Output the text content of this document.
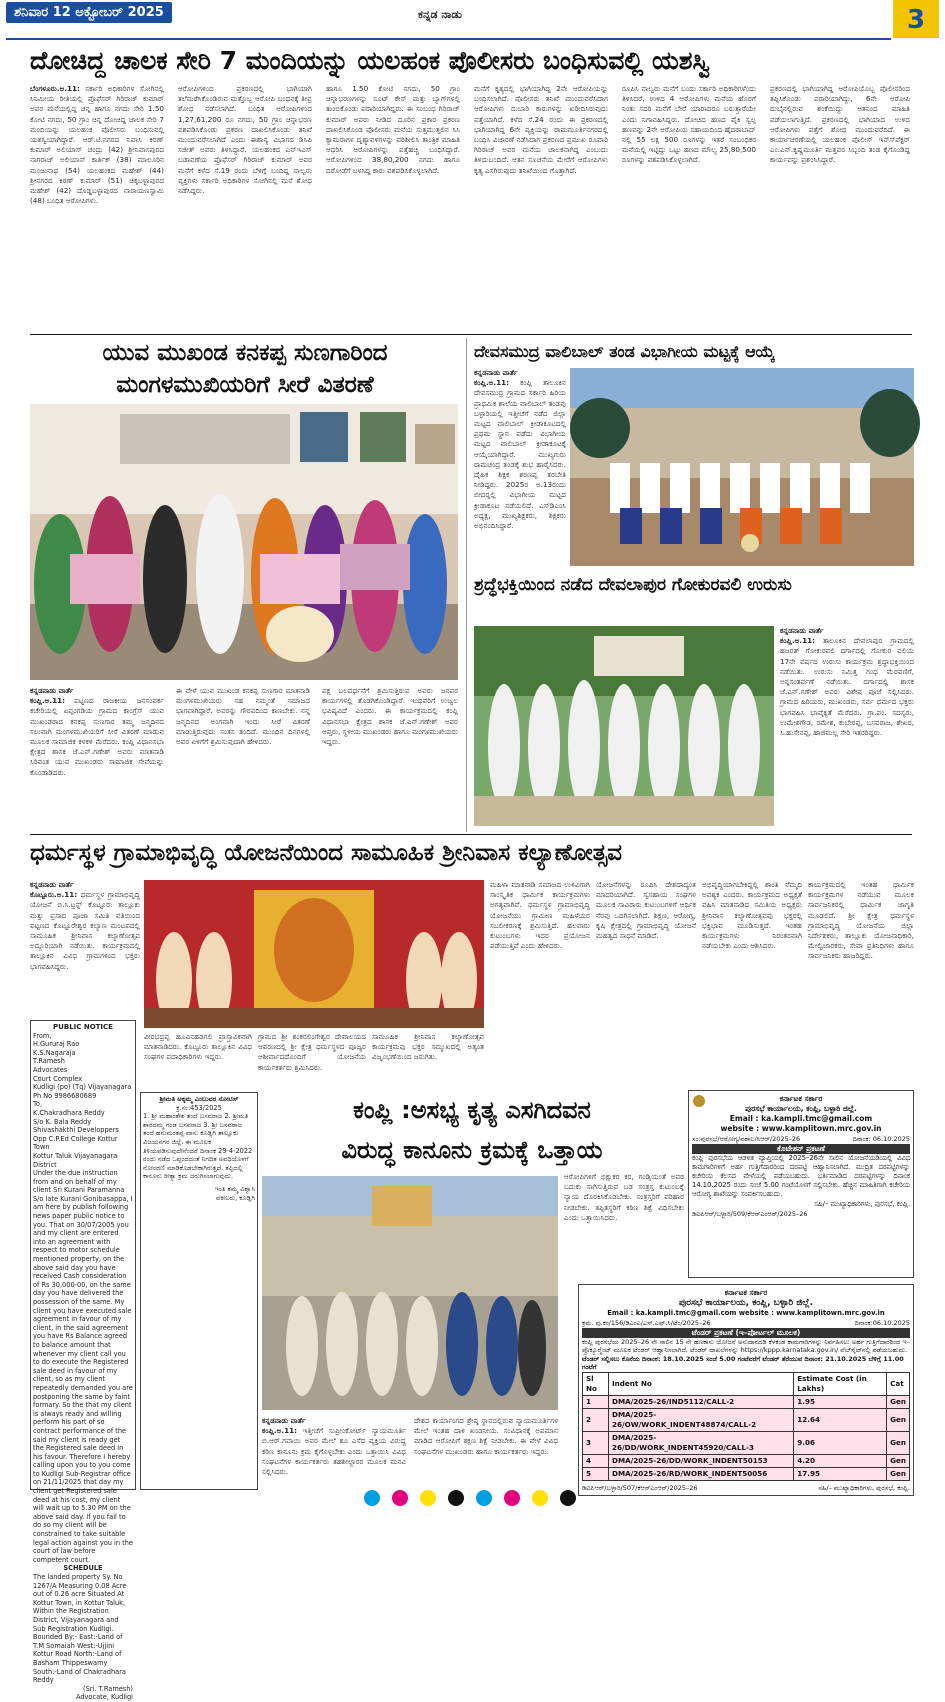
ಶನಿವಾರ 12 ಅಕ್ಟೋಬರ್ 2025	ಕನ್ನಡ ನಾಡು	3
ದೋಚಿದ್ದ ಚಾಲಕ ಸೇರಿ 7 ಮಂದಿಯನ್ನು ಯಲಹಂಕ ಪೊಲೀಸರು ಬಂಧಿಸುವಲ್ಲಿ ಯಶಸ್ವಿ
ಬೆಂಗಳೂರು.ಅ.11: ಸರ್ಕಾರಿ ಅಧಿಕಾರಿಗಳ ಸೋಗಿನಲ್ಲಿ ಸಿನಿಮೀಯ ರೀತಿಯಲ್ಲಿ ಪ್ರೊಫೆಸರ್ ಗಿರಿರಾಜ್ ಕುಮಾರ್ ಅವರ ಮನೆಯಲ್ಲಿದ್ದ ಚಿನ್ನ ಹಾಗೂ ನಗದು ಸೇರಿ 1.50 ಕೋಟಿ ನಗದು, 50 ಗ್ರಾಂ ಚಿನ್ನ ದೋಚಿದ್ದ ಚಾಲಕ ಸೇರಿ 7 ಮಂದಿಯನ್ನು ಯಲಹಂಕ ಪೊಲೀಸರು ಬಂಧಿಸುವಲ್ಲಿ ಯಶಸ್ವಿಯಾಗಿದ್ದಾರೆ. ಆರ್.ಟಿ.ನಗರದ ನಿವಾಸಿ ಕಿರಣ್ ಕುಮಾರ್ ಅಲಿಯಾಸ್ ಚಂದ್ರು (42) ಶ್ರೀನಿವಾಸಪುರದ ನಾಗರಾಜ್ ಅಲಿಯಾಸ್ ಕಾರ್ತಿಕ್ (38) ಮಾಲೂರಿನ ಮಂಜುನಾಥ (54) ಯಲಹಂಕದ ಮಹೇಶ್ (44) ಶ್ರೀನಗರದ ಕಿರಣ್ ಕುಮಾರ್ (51) ಚಿಕ್ಕಬಳ್ಳಾಪುರದ ಮಹೇಶ್ (42) ದೊಡ್ಡಬಳ್ಳಾಪುರದ ನಾರಾಯಣಸ್ವಾಮಿ (48) ಬಂಧಿತ ಆರೋಪಿಗಳು.
ಆರೋಪಿಗಳಿಂದ ಪ್ರಕರಣದಲ್ಲಿ ಭಾಗಿಯಾಗಿ ತಲೆಮರೆಸಿಕೊಂಡಿರುವ ಮತ್ತೊಬ್ಬ ಆರೋಪಿ ಬಂಧನಕ್ಕೆ ತೀವ್ರ ಶೋಧ ನಡೆಸಲಾಗಿದೆ. ಬಂಧಿತ ಆರೋಪಿಗಳಿಂದ 1,27,61,200 ರೂ ನಗದು, 50 ಗ್ರಾಂ ಚಿನ್ನಾಭರಣ ವಶಪಡಿಸಿಕೊಂಡು ಪ್ರಕರಣ ದಾಖಲಿಸಿಕೊಂಡು ತನಿಖೆ ಮುಂದುವರೆಸಲಾಗಿದೆ ಎಂದು ಈಶಾನ್ಯ ವಿಭಾಗದ ಡಿಸಿಪಿ ಸಜೀತ್ ಅವರು ತಿಳಿಸಿದ್ದಾರೆ. ಯಲಹಂಕದ ಎನ್‍ಇಎಸ್ ಬಡಾವಣೆಯ ಪ್ರೊಫೆಸರ್ ಗಿರಿರಾಜ್ ಕುಮಾರ್ ಅವರ ಮನೆಗೆ ಕಳೆದ ಸೆ.19 ರಂದು ಬೆಳಿಗ್ಗೆ ಬಂದಿದ್ದ ನಾಲ್ವರು ವ್ಯಕ್ತಿಗಳು ಸರ್ಕಾರಿ ಅಧಿಕಾರಿಗಳ ಸೋಗಿನಲ್ಲಿ ಮನೆ ಶೋಧ ನಡೆಸಿದ್ದರು.
ಹಾಗೂ 1.50 ಕೋಟಿ ನಗದು, 50 ಗ್ರಾಂ ಚಿನ್ನಾಭರಣಗಳನ್ನು ಸೂಟ್ ಕೇಸ್ ಮತ್ತು ಬ್ಯಾಗ್‍ಗಳಲ್ಲಿ ತುಂಬಿಕೊಂಡು ಪರಾರಿಯಾಗಿದ್ದರು. ಈ ಸಂಬಂಧ ಗಿರಿರಾಜ್ ಕುಮಾರ್ ಅವರು ನೀಡಿದ ದೂರಿನ ಪ್ರಕಾರ ಪ್ರಕರಣ ದಾಖಲಿಸಿಕೊಂಡ ಪೊಲೀಸರು ಮನೆಯ ಸುತ್ತಮುತ್ತಲಿನ ಸಿಸಿ ಕ್ಯಾಮರಾಗಳ ದೃಶ್ಯಾವಳಿಗಳನ್ನು ಪರಿಶೀಲಿಸಿ ತಾಂತ್ರಿಕ ಮಾಹಿತಿ ಆಧರಿಸಿ ಆರೋಪಿಗಳನ್ನು ಪತ್ತೆಹಚ್ಚಿ ಬಂಧಿಸಿದ್ದಾರೆ. ಆರೋಪಿಗಳಿಂದ 38,80,200 ನಗದು ಹಾಗೂ ದರೋಡೆಗೆ ಬಳಸಿದ್ದ ಕಾರು ವಶಪಡಿಸಿಕೊಳ್ಳಲಾಗಿದೆ.
ಮನೆಗೆ ಕೃತ್ಯದಲ್ಲಿ ಭಾಗಿಯಾಗಿದ್ದ 2ನೇ ಆರೋಪಿಯನ್ನು ಬಂಧಿಸಲಾಗಿದೆ. ಪೊಲೀಸರು ತನಿಖೆ ಮುಂದುವರೆಸಿದಾಗ ಆರೋಪಿಗಳು ದುಬಾರಿ ಕಾರುಗಳನ್ನು ಖರೀದಿಸಿರುವುದು ಪತ್ತೆಯಾಗಿದೆ. ಕಳೆದ ಸೆ.24 ರಂದು ಈ ಪ್ರಕರಣದಲ್ಲಿ ಭಾಗಿಯಾಗಿದ್ದ 6ನೇ ವ್ಯಕ್ತಿಯನ್ನು ರಾಮಮೂರ್ತಿನಗರದಲ್ಲಿ ಬಂಧಿಸಿ ವಿಚಾರಣೆ ನಡೆಸಿದಾಗ ಪ್ರಕರಣದ ಪ್ರಮುಖ ರೂವಾರಿ ಗಿರಿರಾಜ್ ಅವರ ಮನೆಯ ಚಾಲಕನಾಗಿದ್ದ ಎಂಬುದು ತಿಳಿದುಬಂದಿದೆ. ಆತನ ಸೂಚನೆಯ ಮೇರೆಗೆ ಆರೋಪಿಗಳು ಕೃತ್ಯ ಎಸಗಿರುವುದು ತನಿಖೆಯಿಂದ ಗೊತ್ತಾಗಿದೆ.
ರೂಪಿಸಿ ನಾಲ್ವರು ಮನೆಗೆ ಬಂದು ಸರ್ಕಾರಿ ಅಧಿಕಾರಿಗಳೆಂದು ತಿಳಿಸಿದರೆ, ಉಳಿದ 4 ಆರೋಪಿಗಳು ಮನೆಯ ಹೊರಗೆ ನಿಂತು ಸದರಿ ಮನೆಗೆ ಬೇರೆ ಯಾರಾದರೂ ಬರುತ್ತಾರೆಯೇ ಎಂದು ನಿಗಾವಹಿಸಿದ್ದರು. ದೋಚಿದ ಹಣದ ಪೈಕಿ ಸ್ವಲ್ಪ ಹಣವನ್ನು 2ನೇ ಆರೋಪಿಯ ಸಹಾಯದಿಂದ ಹೈದರಾಬಾದ್ ನಲ್ಲಿ 55 ಲಕ್ಷ 500 ರೂಗಳನ್ನು ಇತರೆ ಸಂಬಂಧಿಕರ ಮನೆಯಲ್ಲಿ ಇಟ್ಟಿದ್ದು ಒಟ್ಟು ಹಣದ ಮೌಲ್ಯ 25,80,500 ರೂಗಳನ್ನು ವಶಪಡಿಸಿಕೊಳ್ಳಲಾಗಿದೆ.
ಪ್ರಕರಣದಲ್ಲಿ ಭಾಗಿಯಾಗಿದ್ದ ಆರೋಪಿಯೊಬ್ಬ ಪೊಲೀಸರಿಂದ ತಪ್ಪಿಸಿಕೊಂಡು ಪರಾರಿಯಾಗಿದ್ದು, 6ನೇ ಆರೋಪಿ ದುಬೈನಲ್ಲಿರುವ ಶಂಕೆಯಿದ್ದು ಆತನಿಂದ ಮಾಹಿತಿ ಪಡೆಯಲಾಗುತ್ತಿದೆ. ಪ್ರಕರಣದಲ್ಲಿ ಭಾಗಿಯಾದ ಉಳಿದ ಆರೋಪಿಗಳು ಪತ್ತೆಗೆ ಶೋಧ ಮುಂದುವರೆದಿದೆ. ಈ ಕಾರ್ಯಾಚರಣೆಯಲ್ಲಿ ಯಲಹಂಕ ಪೊಲೀಸ್ ಇನ್ಸ್‍ಪೆಕ್ಟರ್ ಎಂ.ಎನ್.ಕೃಷ್ಣಮೂರ್ತಿ ಮತ್ತವರ ಸಿಬ್ಬಂದಿ ತಂಡ ಕೈಗೊಂಡಿದ್ದ ಕಾರ್ಯವನ್ನು ಪ್ರಶಂಸಿಸಿದ್ದಾರೆ.
ಯುವ ಮುಖಂಡ ಕನಕಪ್ಪ ಸುಣಗಾರಿಂದ
ಮಂಗಳಮುಖಿಯರಿಗೆ ಸೀರೆ ವಿತರಣೆ
ಕನ್ನಡನಾಡು ವಾರ್ತೆ
ಕಂಪ್ಲಿ.ಅ.11: ಪಟ್ಟಣದ ರಾಜಕೀಯ ಜನಸಂಪರ್ಕ ಕಚೇರಿಯಲ್ಲಿ ಏಪ್ಪಂಗಡಿಯ ಗ್ರಾಮದ ಕಾಂಗ್ರೆಸ್ ಯುವ ಮುಖಂಡರಾದ ಕನಕಪ್ಪ ಸುಣಗಾರ ತಮ್ಮ ಜನ್ಮದಿನದ ಸಲುವಾಗಿ ಮಂಗಳಮುಖಿಯರಿಗೆ ಸೀರೆ ವಿತರಣೆ ಮಾಡುವ ಮೂಲಕ ಸಾಮಾಜಿಕ ಕಳಕಳಿ ಮೆರೆದರು. ಕಂಪ್ಲಿ ವಿಧಾನಸಭಾ ಕ್ಷೇತ್ರದ ಶಾಸಕ ಜೆ.ಎನ್.ಗಣೇಶ್ ಅವರು ಮಾತನಾಡಿ ಸಿರಿವಂತ ಯುವ ಮುಖಂಡರು ಸಾಮಾಜಿಕ ಸೇವೆಯನ್ನು ಕೊಂಡಾಡಿದರು.
ಈ ವೇಳೆ ಯುವ ಮುಖಂಡ ಕನಕಪ್ಪ ಸುಣಗಾರ ಮಾತನಾಡಿ ಮಂಗಳಮುಖಿಯರು ಸಹ ನಮ್ಮಂತೆ ಸಮಾಜದ ಭಾಗವಾಗಿದ್ದಾರೆ. ಅವರನ್ನು ಗೌರವದಿಂದ ಕಾಣಬೇಕು. ನನ್ನ ಜನ್ಮದಿನದ ಅಂಗವಾಗಿ ಇಂದು ಸೀರೆ ವಿತರಣೆ ಮಾಡುತ್ತಿರುವುದು ಸಂತಸ ತಂದಿದೆ. ಮುಂದಿನ ದಿನಗಳಲ್ಲಿ ಅವರ ಏಳಿಗೆಗೆ ಶ್ರಮಿಸುವುದಾಗಿ ಹೇಳಿದರು.
ಪಕ್ಷ ಬಲವರ್ಧನೆಗೆ ಶ್ರಮಿಸುತ್ತಿರುವ ಅವರು ಜನಪರ ಕಾರ್ಯಗಳಲ್ಲಿ ತೊಡಗಿಕೊಂಡಿದ್ದಾರೆ. ಇಂಥವರಿಗೆ ಉಜ್ವಲ ಭವಿಷ್ಯವಿದೆ ಎಂದರು. ಈ ಕಾರ್ಯಕ್ರಮದಲ್ಲಿ ಕಂಪ್ಲಿ ವಿಧಾನಸಭಾ ಕ್ಷೇತ್ರದ ಶಾಸಕ ಜೆ.ಎನ್.ಗಣೇಶ್ ಅವರ ಆಪ್ತರು, ಸ್ಥಳೀಯ ಮುಖಂಡರು ಹಾಗೂ ಮಂಗಳಮುಖಿಯರು ಇದ್ದರು.
ದೇವಸಮುದ್ರ ವಾಲಿಬಾಲ್ ತಂಡ ವಿಭಾಗೀಯ ಮಟ್ಟಕ್ಕೆ ಆಯ್ಕೆ
ಕನ್ನಡನಾಡು ವಾರ್ತೆ
ಕಂಪ್ಲಿ.ಅ.11: ಕಂಪ್ಲಿ ತಾಲೂಕಿನ ದೇವಸಮುದ್ರ ಗ್ರಾಮದ ಸರ್ಕಾರಿ ಹಿರಿಯ ಪ್ರಾಥಮಿಕ ಶಾಲೆಯ ವಾಲಿಬಾಲ್ ತಂಡವು ಬಳ್ಳಾರಿಯಲ್ಲಿ ಇತ್ತೀಚೆಗೆ ನಡೆದ ಜಿಲ್ಲಾ ಮಟ್ಟದ ವಾಲಿಬಾಲ್ ಕ್ರೀಡಾಕೂಟದಲ್ಲಿ ಪ್ರಥಮ ಸ್ಥಾನ ಪಡೆದು ವಿಭಾಗೀಯ ಮಟ್ಟದ ವಾಲಿಬಾಲ್ ಕ್ರೀಡಾಕೂಟಕ್ಕೆ ಆಯ್ಕೆಯಾಗಿದ್ದಾರೆ. ಮುಖ್ಯಗುರು ರಾಮಚಂದ್ರ ತಂಡಕ್ಕೆ ಶುಭ ಹಾರೈಸಿದರು. ದೈಹಿಕ ಶಿಕ್ಷಕ ಶರಣಪ್ಪ ತರಬೇತಿ ನೀಡಿದ್ದರು. 2025ರ ಅ.13ರಂದು ಬೀದರ್‍ನಲ್ಲಿ ವಿಭಾಗೀಯ ಮಟ್ಟದ ಕ್ರೀಡಾಕೂಟ ನಡೆಯಲಿದೆ. ಎಸ್‍ಡಿಎಂಸಿ ಅಧ್ಯಕ್ಷ, ಮುಖ್ಯಶಿಕ್ಷಕರು, ಶಿಕ್ಷಕರು ಅಭಿನಂದಿಸಿದ್ದಾರೆ.
ಶ್ರದ್ಧೆಭಕ್ತಿಯಿಂದ ನಡೆದ ದೇವಲಾಪುರ ಗೋಕುರವಲಿ ಉರುಸು
ಕನ್ನಡನಾಡು ವಾರ್ತೆ
ಕಂಪ್ಲಿ.ಅ.11: ತಾಲೂಕಿನ ದೇವಲಾಪುರ ಗ್ರಾಮದಲ್ಲಿ ಹಜರತ್ ಗೋಕುರವಲಿ ದರ್ಗಾದಲ್ಲಿ ಗೋಕುರ ವಲಿಯ 17ನೇ ವರ್ಷದ ಉರುಸು ಕಾರ್ಯಕ್ರಮ ಶ್ರದ್ಧಾಭಕ್ತಿಯಿಂದ ನಡೆಯಿತು. ಉರುಸು ನಿಮಿತ್ತ ಗಂಧ ಮೆರವಣಿಗೆ, ಅನ್ನಸಂತರ್ಪಣೆ ನಡೆಯಿತು. ದರ್ಗಾದಲ್ಲಿ ಶಾಸಕ ಜೆ.ಎನ್.ಗಣೇಶ್ ಅವರು ವಿಶೇಷ ಪೂಜೆ ಸಲ್ಲಿಸಿದರು. ಗ್ರಾಮದ ಹಿರಿಯರು, ಮುಖಂಡರು, ಸರ್ವ ಧರ್ಮದ ಭಕ್ತರು ಭಾಗವಹಿಸಿ ಭಾವೈಕ್ಯತೆ ಮೆರೆದರು. ಗ್ರಾ.ಪಂ. ಸದಸ್ಯರು, ಉಮೇಶಗೌಡ, ರಮೇಶ, ಕುಬೇರಪ್ಪ, ಬಸವರಾಜ, ಶೇಖರ, ಸಿ.ಹುಸೇನಪ್ಪ, ಹಾಜಿಮಲ್ಲ ಸೇರಿ ಇತರರಿದ್ದರು.
ಧರ್ಮಸ್ಥಳ ಗ್ರಾಮಾಭಿವೃದ್ಧಿ ಯೋಜನೆಯಿಂದ ಸಾಮೂಹಿಕ ಶ್ರೀನಿವಾಸ ಕಲ್ಯಾಣೋತ್ಸವ
ಕನ್ನಡನಾಡು ವಾರ್ತೆ
ಕೊಟ್ಟೂರು.ಅ.11: ಧರ್ಮಸ್ಥಳ ಗ್ರಾಮಾಭಿವೃದ್ಧಿ ಯೋಜನೆ ಬಿ.ಸಿ.ಟ್ರಸ್ಟ್ ಕೊಟ್ಟೂರು ತಾಲ್ಲೂಕು ಮತ್ತು ಪ್ರಸಾದ ಪೂಜಾ ಸಮಿತಿ ವತಿಯಿಂದ ಪಟ್ಟಣದ ಕೊಟ್ಟೂರೇಶ್ವರ ಕಲ್ಯಾಣ ಮಂಟಪದಲ್ಲಿ ಸಾಮೂಹಿಕ ಶ್ರೀನಿವಾಸ ಕಲ್ಯಾಣೋತ್ಸವ ಅದ್ದೂರಿಯಾಗಿ ನಡೆಯಿತು. ಕಾರ್ಯಕ್ರಮದಲ್ಲಿ ತಾಲ್ಲೂಕಿನ ವಿವಿಧ ಗ್ರಾಮಗಳಿಂದ ಭಕ್ತರು ಭಾಗವಹಿಸಿದ್ದರು.
ವೀರಭದ್ರಪ್ಪ ಹೂವಿನಹಡಗಲಿ ಪ್ರಾಸ್ತಾವಿಕವಾಗಿ ಮಾತನಾಡಿದರು. ಕೊಟ್ಟೂರು ತಾಲ್ಲೂಕಿನ ವಿವಿಧ ಸಂಘಗಳ ಪದಾಧಿಕಾರಿಗಳು ಇದ್ದರು.
ಗ್ರಾಮದ ಶ್ರೀ ಶಂಕರಲಿಂಗೇಶ್ವರ ದೇವಾಲಯದ ಆವರಣದಲ್ಲಿ ಶ್ರೀ ಕ್ಷೇತ್ರ ಧರ್ಮಸ್ಥಳದ ಪೂಜ್ಯರ ಆಶೀರ್ವಾದದೊಂದಿಗೆ ಯೋಜನೆಯ ಕಾರ್ಯಕರ್ತರು ಶ್ರಮಿಸಿದರು.
ಸಾಮೂಹಿಕ ಶ್ರೀನಿವಾಸ ಕಲ್ಯಾಣೋತ್ಸವ ಕಾರ್ಯಕ್ರಮವು ಭಕ್ತರ ಸಮ್ಮುಖದಲ್ಲಿ ಅತ್ಯಂತ ವಿಜೃಂಭಣೆಯಿಂದ ಜರುಗಿತು.
ಮಹಿಳಾ ಮಾತನಾಡಿ ಸಮಾಜದ ಉಳಿವಿಗಾಗಿ ಸಾಂಸ್ಕೃತಿಕ ಧಾರ್ಮಿಕ ಕಾರ್ಯಕ್ರಮಗಳು ಅಗತ್ಯವಾಗಿವೆ. ಧರ್ಮಸ್ಥಳ ಗ್ರಾಮಾಭಿವೃದ್ಧಿ ಯೋಜನೆಯು ಗ್ರಾಮೀಣ ಮಹಿಳೆಯರ ಸಬಲೀಕರಣಕ್ಕೆ ಶ್ರಮಿಸುತ್ತಿದೆ. ಹಲವಾರು ಕುಟುಂಬಗಳು ಇದರ ಪ್ರಯೋಜನ ಪಡೆಯುತ್ತಿವೆ ಎಂದು ಹೇಳಿದರು.
ಯೋಜನೆಗಳನ್ನು ರೂಪಿಸಿ ದೇಶದಾದ್ಯಂತ ಮಾದರಿಯಾಗಿದೆ. ಸ್ವಸಹಾಯ ಸಂಘಗಳ ಮೂಲಕ ಸಾವಿರಾರು ಕುಟುಂಬಗಳಿಗೆ ಆರ್ಥಿಕ ನೆರವು ಒದಗಿಸಲಾಗಿದೆ. ಶಿಕ್ಷಣ, ಆರೋಗ್ಯ, ಕೃಷಿ ಕ್ಷೇತ್ರದಲ್ಲಿ ಗ್ರಾಮಾಭಿವೃದ್ಧಿ ಯೋಜನೆ ಮಹತ್ವದ ಸಾಧನೆ ಮಾಡಿದೆ.
ಅಭಿವೃದ್ಧಿಯಾಗಬೇಕಿದ್ದಲ್ಲಿ ಶಾಂತಿ ನೆಮ್ಮದಿ ಅವಶ್ಯಕ ಎಂದರು. ಕಾರ್ಯಕ್ರಮದ ಅಧ್ಯಕ್ಷತೆ ವಹಿಸಿ ಮಾತನಾಡಿದ ಸಮಿತಿಯ ಅಧ್ಯಕ್ಷರು ಶ್ರೀನಿವಾಸ ಕಲ್ಯಾಣೋತ್ಸವವು ಭಕ್ತರಲ್ಲಿ ಭಕ್ತಿಭಾವ ಮೂಡಿಸುತ್ತದೆ. ಇಂತಹ ಕಾರ್ಯಕ್ರಮಗಳು ನಿರಂತರವಾಗಿ ನಡೆಯಬೇಕು ಎಂದು ಆಶಿಸಿದರು.
ಕಾರ್ಯಕ್ರಮದಲ್ಲಿ ಇಂತಹ ಧಾರ್ಮಿಕ ಕಾರ್ಯಕ್ರಮಗಳ ನಡೆಯುವ ಮೂಲಕ ಸಾರ್ವಜನಿಕರಲ್ಲಿ ಧಾರ್ಮಿಕ ಜಾಗೃತಿ ಮೂಡಲಿದೆ. ಶ್ರೀ ಕ್ಷೇತ್ರ ಧರ್ಮಸ್ಥಳ ಗ್ರಾಮಾಭಿವೃದ್ಧಿ ಯೋಜನೆಯ ಜಿಲ್ಲಾ ನಿರ್ದೇಶಕರು, ತಾಲ್ಲೂಕು ಯೋಜನಾಧಿಕಾರಿ, ಮೇಲ್ವಿಚಾರಕರು, ಸೇವಾ ಪ್ರತಿನಿಧಿಗಳು ಹಾಗೂ ಸಾರ್ವಜನಿಕರು ಹಾಜರಿದ್ದರು.
PUBLIC NOTICE
From,
H.Gururaj Rao
K.S.Nagaraja
T.Ramesh
Advocates
Court Complex
Kudligi (po) (Tq) Vijayanagara
Ph No 9986680689
To,
K.Chakradhara Reddy
S/o K. Bala Reddy
Shivashakthi Developpers
Opp C.P.Ed College Kottur Town
Kottur Taluk Vijayanagara District
Under the due instruction from and on behalf of my client Sri Kurani Paramanna S/o late Kurani Gonibasappa, I am here by publish following news paper public notice to you. That on 30/07/2005 you and my client are entered into an agreement with respect to motor schedule mentioned property, on the above said day you have received Cash consideration of Rs 30,000-00, on the same day you have delivered the possession of the same. My client you have executed sale agreement in favour of my client, in the said agreement you have Rs Balance agreed to balance amount that whenever my client call you to do execute the Registered sale deed in favour of my client, so as my client repeatedly demanded you are postponing the same by faint formary. So the that my client is always ready and willing perform his part of so contract performance of the said my client is ready get the Registered sale deed in his favour. Therefore I hereby calling upon you to you come to Kudligi Sub-Registrar office on 21/11/2025 that day my client get Registered sale deed at his cost, my client will wait up to 5.30 PM on the above said day. If you fail to do so my client will be constrained to take suitable legal action against you in the court of law before competent court.
SCHEDULE
The landed property Sy. No 1267/A Measuring 0.08 Acre out of 0.26 acre Situated At Kottur Town, in Kottur Taluk, Within the Registration District, Vijayanagara and Sub Registration Kudligi. Bounded By:- East:-Land of T.M Somaiah West:-Ujjini Kottur Road North:-Land of Basham Thippeswamy South:-Land of Chakradhara Reddy
(Sri. T.Ramesh)
Advocate, Kudligi
ಶ್ರೀಮತಿ ಅಕ್ಕಮ್ಮ ಎಂಬುವರ ನೋಟಿಸ್
ಕ್ರ.ಸಂ:453/2025
1. ಶ್ರೀ ಮಹಾಂತೇಶ ತಂದೆ ಬಸವರಾಜ 2. ಶ್ರೀಮತಿ ಶಾರದಮ್ಮ ಗಂಡ ಬಸವರಾಜ 3. ಶ್ರೀ ಬಸವರಾಜ ತಂದೆ ಹನುಮಂತಪ್ಪ ವಾಸ: ಕೂಡ್ಲಿಗಿ ತಾಲ್ಲೂಕು ವಿಜಯನಗರ ಜಿಲ್ಲೆ. ಈ ಮೂಲಕ ತಿಳಿಯಪಡಿಸುವುದೇನೆಂದರೆ ದಿನಾಂಕ 29-4-2022 ರಂದು ನಡೆದ ಒಪ್ಪಂದದಂತೆ ನಿಗದಿತ ಅವಧಿಯೊಳಗೆ ನೋಂದಣಿ ಮಾಡಿಕೊಡಬೇಕಾಗಿರುತ್ತದೆ. ತಪ್ಪಿದಲ್ಲಿ ಕಾನೂನು ರೀತ್ಯಾ ಕ್ರಮ ಜರುಗಿಸಲಾಗುವುದು.
ಇಂತಿ ತಮ್ಮ ವಿಶ್ವಾಸಿ
ವಕೀಲರು, ಕೂಡ್ಲಿಗಿ
ಕಂಪ್ಲಿ :ಅಸಭ್ಯ ಕೃತ್ಯ ಎಸಗಿದವನ
ವಿರುದ್ಧ ಕಾನೂನು ಕ್ರಮಕ್ಕೆ ಒತ್ತಾಯ
ಆರೋಪಿಗಳಿಗೆ ಭಿಕ್ಷುಕರ ಕರ, ಗಂಡ್ಸಿಯಂತೆ ಅವರ ಬದುಕು ಸಾಗಿಸುತ್ತಿರುವ ಬಡ ಸಂತ್ರಸ್ತ ಕುಟುಂಬಕ್ಕೆ ನ್ಯಾಯ ದೊರಕಿಸಿಕೊಡಬೇಕು. ಸಂತ್ರಸ್ತರಿಗೆ ಪರಿಹಾರ ನೀಡಬೇಕು. ತಪ್ಪಿತಸ್ಥರಿಗೆ ಕಠಿಣ ಶಿಕ್ಷೆ ವಿಧಿಸಬೇಕು ಎಂದು ಒತ್ತಾಯಿಸಿದರು.
ಕನ್ನಡನಾಡು ವಾರ್ತೆ
ಕಂಪ್ಲಿ.ಅ.11: ಇತ್ತೀಚೆಗೆ ಸುಪ್ರೀಂಕೋರ್ಟ್ ನ್ಯಾಯಮೂರ್ತಿ ಬಿ.ಆರ್.ಗವಾಯಿ ಅವರ ಮೇಲೆ ಶೂ ಎಸೆದ ವ್ಯಕ್ತಿಯ ವಿರುದ್ಧ ಕಠಿಣ ಕಾನೂನು ಕ್ರಮ ಕೈಗೊಳ್ಳಬೇಕು ಎಂದು ಒತ್ತಾಯಿಸಿ ವಿವಿಧ ಸಂಘಟನೆಗಳ ಕಾರ್ಯಕರ್ತರು ತಹಶೀಲ್ದಾರರ ಮೂಲಕ ಮನವಿ ಸಲ್ಲಿಸಿದರು.
ದೇಶದ ಕಾರ್ಯಾಂಗದ ಶ್ರೇಷ್ಠ ಸ್ಥಾನದಲ್ಲಿರುವ ನ್ಯಾಯಮೂರ್ತಿಗಳ ಮೇಲೆ ಇಂತಹ ದಾಳಿ ಖಂಡನೀಯ. ಸಂವಿಧಾನಕ್ಕೆ ಅಪಮಾನ ಮಾಡಿದ ಆರೋಪಿಗೆ ತಕ್ಷಣ ಶಿಕ್ಷೆ ನೀಡಬೇಕು. ಈ ವೇಳೆ ವಿವಿಧ ಸಂಘಟನೆಗಳ ಮುಖಂಡರು ಹಾಗೂ ಕಾರ್ಯಕರ್ತರು ಇದ್ದರು.
ಕರ್ನಾಟಕ ಸರ್ಕಾರ
ಪುರಸಭೆ ಕಾರ್ಯಾಲಯ, ಕಂಪ್ಲಿ, ಬಳ್ಳಾರಿ ಜಿಲ್ಲೆ.
Email : ka.kampli.tmc@gmail.com
website : www.kamplitown.mrc.gov.in
ಸಂ:ಪುರಸಭೆ/ಆರೋಗ್ಯ/ವಶಾಲ/ಸಿಆರ್/2025–26	ದಿನಾಂಕ: 06.10.2025
ಕೊಟೇಶನ್ ಪ್ರಕಟಣೆ
ಕಂಪ್ಲಿ ಪುರಸಭೆಯ ಆಡಳಿತ ವ್ಯಾಪ್ತಿಯಲ್ಲಿ 2025–26ನೇ ಸಾಲಿನ ಯೋಜನೆಯಡಿಯಲ್ಲಿ ವಿವಿಧ ಕಾಮಗಾರಿಗಳಿಗೆ ಅರ್ಹ ಗುತ್ತಿಗೆದಾರರಿಂದ ದರಪಟ್ಟಿ ಆಹ್ವಾನಿಸಲಾಗಿದೆ. ಮುದ್ರಿತ ದರಪಟ್ಟಿಗಳನ್ನು ಕಚೇರಿಯ ಕೆಲಸದ ವೇಳೆಯಲ್ಲಿ ಪಡೆಯಬಹುದು. ಭರ್ತಿಮಾಡಿದ ದರಪಟ್ಟಿಗಳನ್ನು ದಿನಾಂಕ 14.10.2025 ರಂದು ಸಂಜೆ 5.00 ಗಂಟೆಯೊಳಗೆ ಸಲ್ಲಿಸಬೇಕು. ಹೆಚ್ಚಿನ ಮಾಹಿತಿಗಾಗಿ ಕಚೇರಿಯ ಆರೋಗ್ಯ ಶಾಖೆಯನ್ನು ಸಂಪರ್ಕಿಸಬಹುದು.
ಸಹಿ/– ಮುಖ್ಯಾಧಿಕಾರಿಗಳು, ಪುರಸಭೆ, ಕಂಪ್ಲಿ.
ಡಿಐಪಿಆರ್/ಬಳ್ಳಾರಿ/509/ಕೆಆರ್‍ಎಂಆರ್/2025–26
ಕರ್ನಾಟಕ ಸರ್ಕಾರ
ಪುರಸಭೆ ಕಾರ್ಯಾಲಯ, ಕಂಪ್ಲಿ, ಬಳ್ಳಾರಿ ಜಿಲ್ಲೆ.
Email : ka.kampli.tmc@gmail.com website : www.kamplitown.mrc.gov.in
ಕ್ರಮ. ಪು.ಕಂ/156/ಡಿಎಂಎ/ಎಸ್.ಎಫ್.ಸಿ/ಟೆಂ/2025–26	ದಿನಾಂಕ:06.10.2025
ಟೆಂಡರ್ ಪ್ರಕಟಣೆ (ಇ–ಪೋರ್ಟಲ್ ಮೂಲಕ)
ಕಂಪ್ಲಿ ಪುರಸಭೆಯ 2025–26 ನೇ ಸಾಲಿನ 15 ನೇ ಹಣಕಾಸು ಯೋಜನೆ ಅನುದಾನದಡಿ ಕೆಳಕಂಡ ಕಾಮಗಾರಿಗಳನ್ನು ನಿರ್ವಹಿಸಲು ಅರ್ಹ ಗುತ್ತಿಗೆದಾರರಿಂದ ಇ–ಪ್ರೊಕ್ಯೂರ್‍ಮೆಂಟ್ ಮೂಲಕ ಟೆಂಡರ್ ಆಹ್ವಾನಿಸಲಾಗಿದೆ. ಟೆಂಡರ್ ದಾಖಲೆಗಳನ್ನು https://kppp.karnataka.gov.in/ ವೆಬ್‍ಸೈಟ್‍ನಲ್ಲಿ ಪಡೆಯಬಹುದು.
ಟೆಂಡರ್ ಸಲ್ಲಿಸಲು ಕೊನೆಯ ದಿನಾಂಕ: 18.10.2025 ಸಂಜೆ 5.00 ಗಂಟೆವರೆಗೆ ಟೆಂಡರ್ ತೆರೆಯುವ ದಿನಾಂಕ: 21.10.2025 ಬೆಳಿಗ್ಗೆ 11.00 ಗಂಟೆಗೆ
Sl No	Indent No	Estimate Cost (in Lakhs)	Cat
1	DMA/2025-26/IND5112/CALL-2	1.95	Gen
2	DMA/2025-26/OW/WORK_INDENT48874/CALL-2	12.64	Gen
3	DMA/2025-26/DD/WORK_INDENT45920/CALL-3	9.06	Gen
4	DMA/2025-26/DD/WORK_INDENT50153	4.20	Gen
5	DMA/2025-26/RD/WORK_INDENT50056	17.95	Gen
ಡಿಐಪಿಆರ್/ಬಳ್ಳಾರಿ/507/ಕೆಆರ್‍ಎಂಆರ್/2025–26	ಸಹಿ/– ಮುಖ್ಯಾಧಿಕಾರಿಗಳು, ಪುರಸಭೆ, ಕಂಪ್ಲಿ.
